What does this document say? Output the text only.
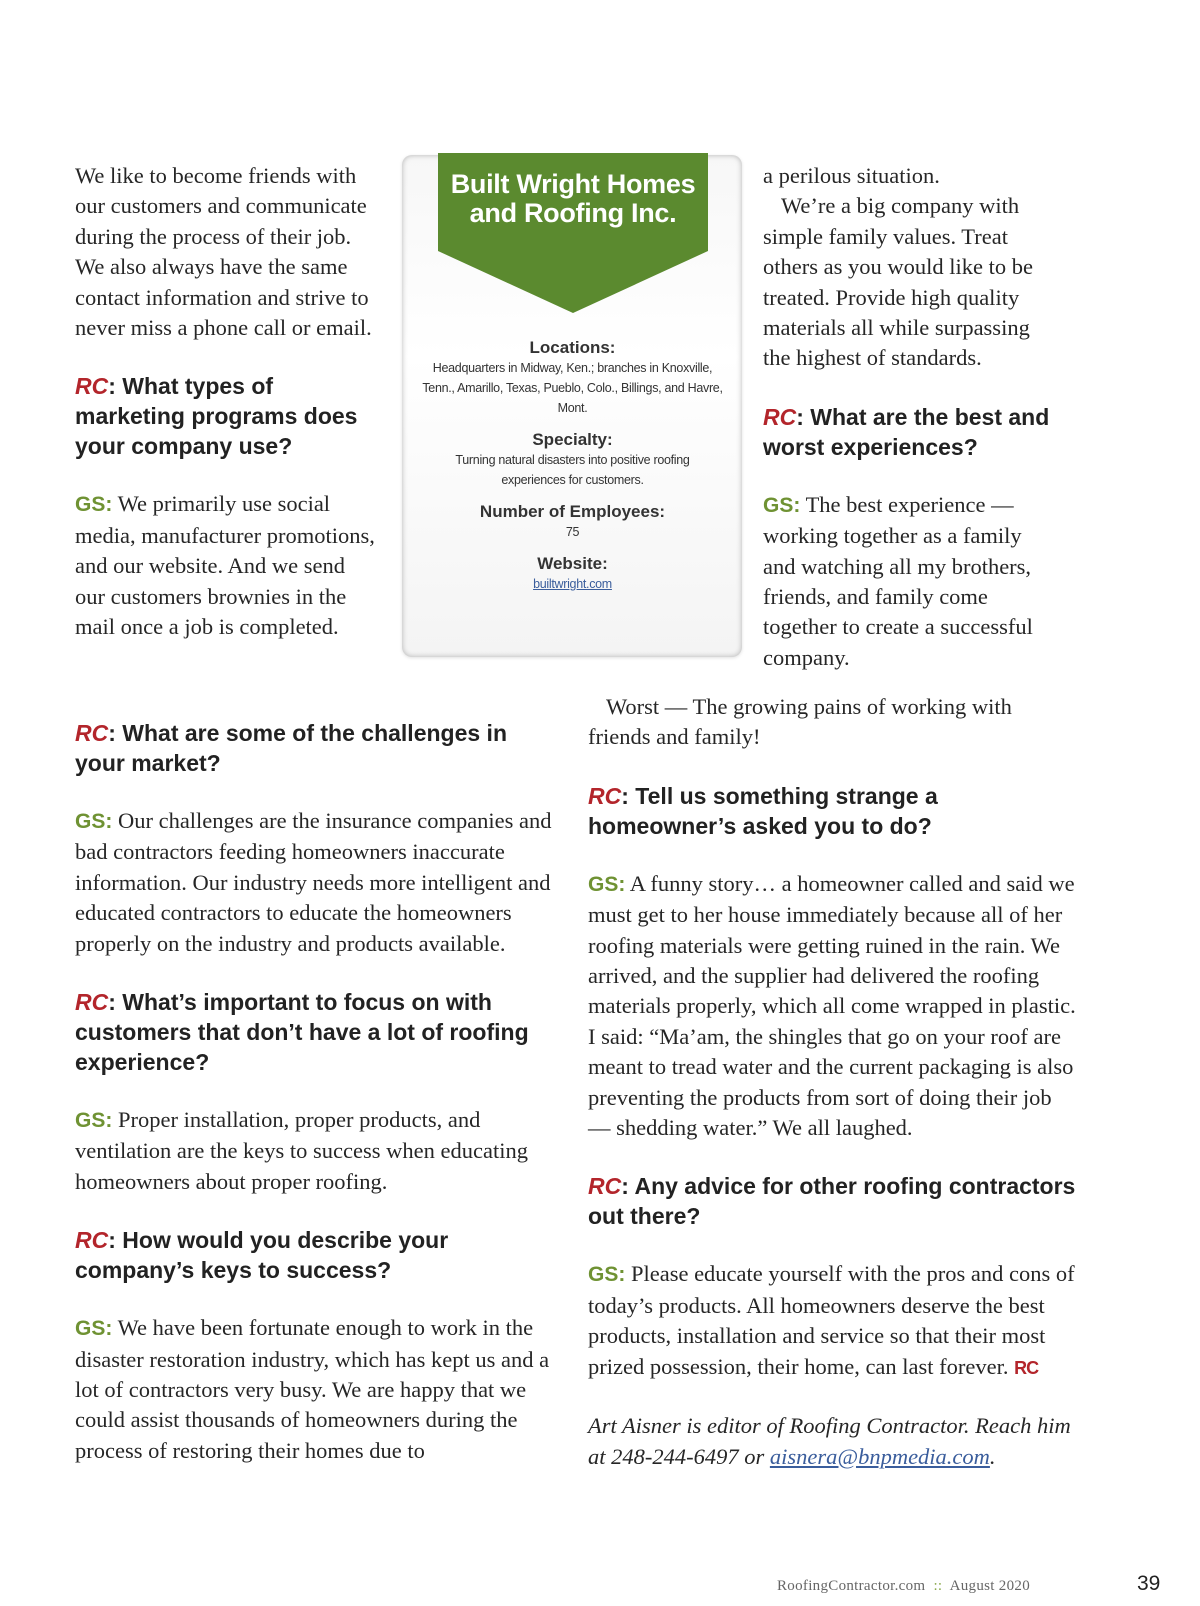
We like to become friends with our customers and communicate during the process of their job. We also always have the same contact information and strive to never miss a phone call or email.

RC: What types of marketing programs does your company use?

GS: We primarily use social media, manufacturer promotions, and our website. And we send our customers brownies in the mail once a job is completed.

RC: What are some of the challenges in your market?

GS: Our challenges are the insurance companies and bad contractors feeding homeowners inaccurate information. Our industry needs more intelligent and educated contractors to educate the homeowners properly on the industry and products available.

RC: What’s important to focus on with customers that don’t have a lot of roofing experience?

GS: Proper installation, proper products, and ventilation are the keys to success when educating homeowners about proper roofing.

RC: How would you describe your company’s keys to success?

GS: We have been fortunate enough to work in the disaster restoration industry, which has kept us and a lot of contractors very busy. We are happy that we could assist thousands of homeowners during the process of restoring their homes due to

Built Wright Homes and Roofing Inc.

Locations:

Headquarters in Midway, Ken.; branches in Knoxville, Tenn., Amarillo, Texas, Pueblo, Colo., Billings, and Havre, Mont.

Specialty:

Turning natural disasters into positive roofing experiences for customers.

Number of Employees:

75

Website:

builtwright.com

a perilous situation.

We’re a big company with simple family values. Treat others as you would like to be treated. Provide high quality materials all while surpassing the highest of standards.

RC: What are the best and worst experiences?

GS: The best experience — working together as a family and watching all my brothers, friends, and family come together to create a successful company.

Worst — The growing pains of working with friends and family!

RC: Tell us something strange a homeowner’s asked you to do?

GS: A funny story… a homeowner called and said we must get to her house immediately because all of her roofing materials were getting ruined in the rain. We arrived, and the supplier had delivered the roofing materials properly, which all come wrapped in plastic. I said: “Ma’am, the shingles that go on your roof are meant to tread water and the current packaging is also preventing the products from sort of doing their job — shedding water.” We all laughed.

RC: Any advice for other roofing contractors out there?

GS: Please educate yourself with the pros and cons of today’s products. All homeowners deserve the best products, installation and service so that their most prized possession, their home, can last forever. RC

Art Aisner is editor of Roofing Contractor. Reach him at 248-244-6497 or aisnera@bnpmedia.com.

RoofingContractor.com :: August 2020	39
